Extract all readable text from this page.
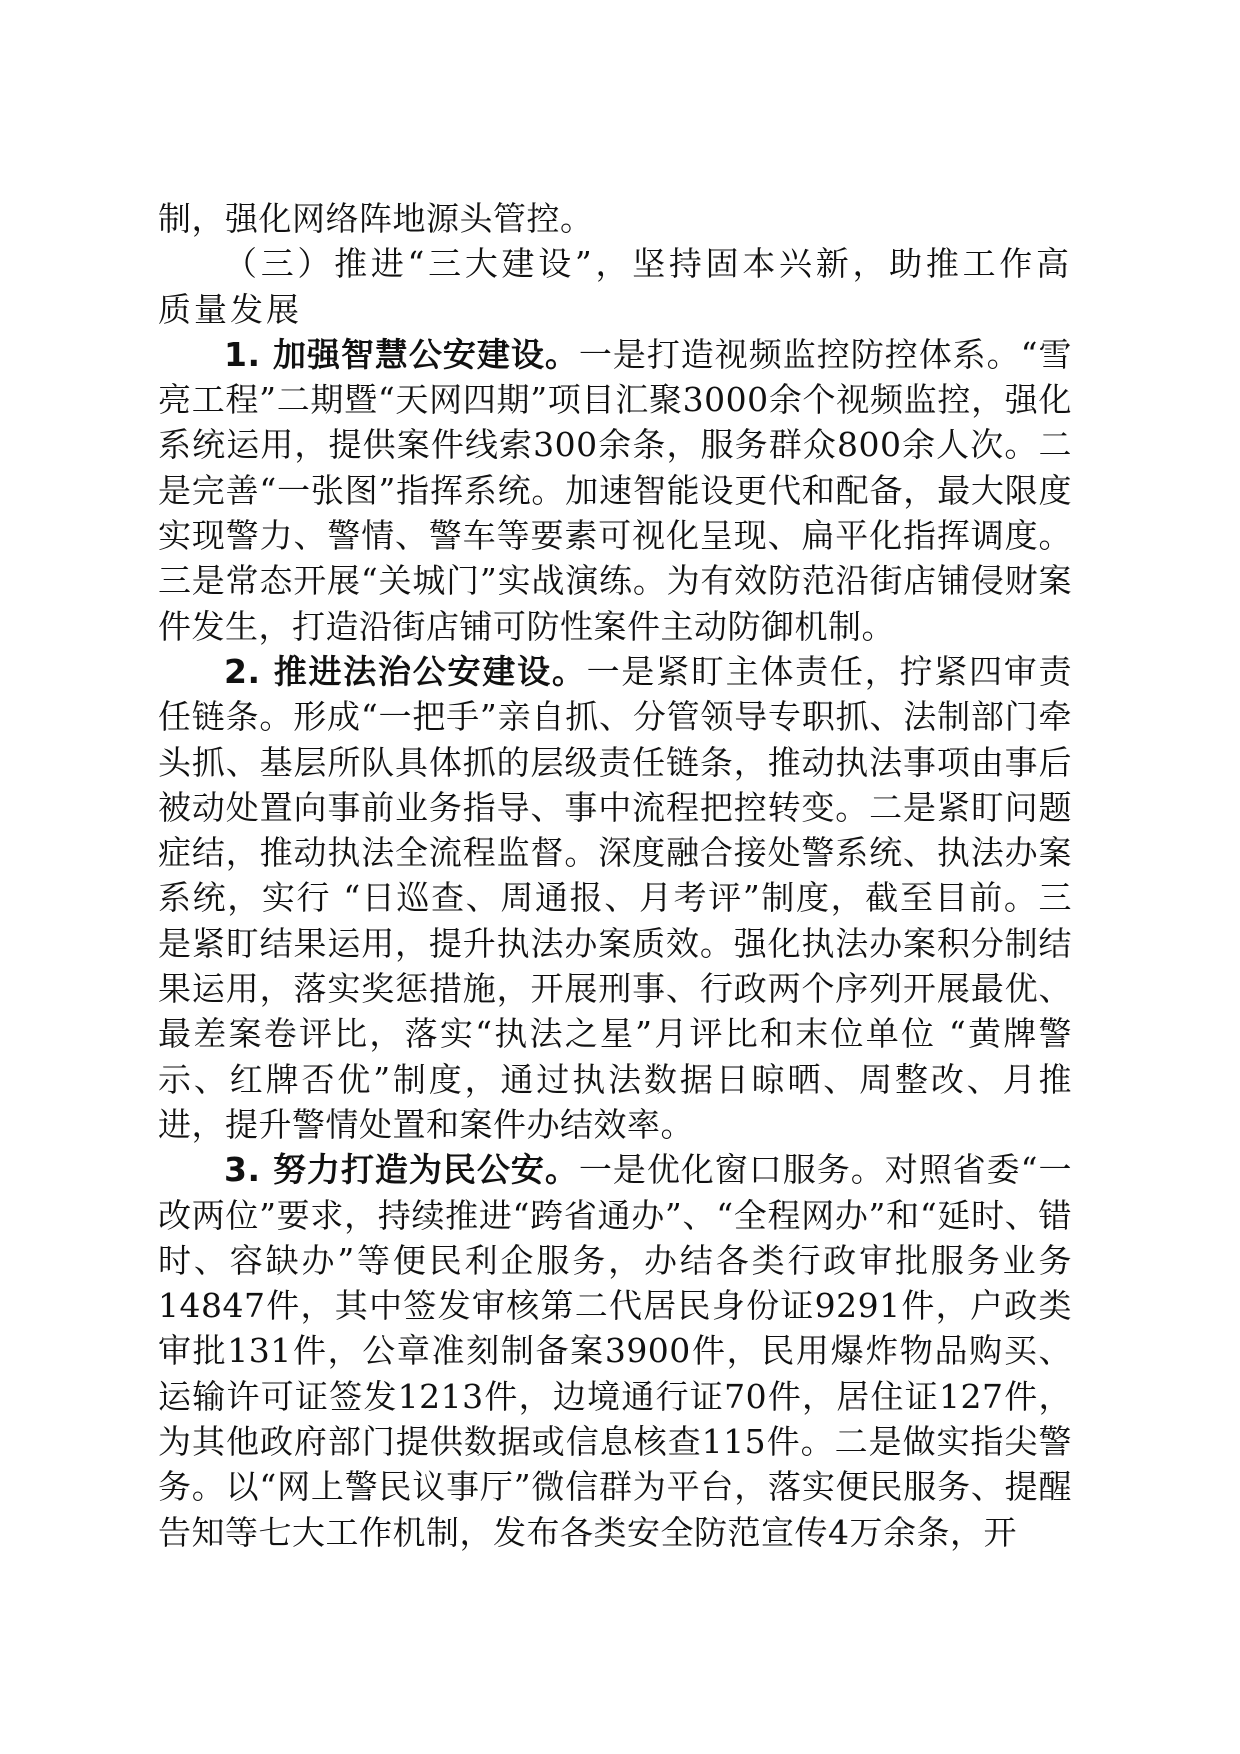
制，强化网络阵地源头管控。

（三）推进“三大建设”，坚持固本兴新，助推工作高质量发展

1. 加强智慧公安建设。一是打造视频监控防控体系。“雪亮工程”二期暨“天网四期”项目汇聚3000余个视频监控，强化系统运用，提供案件线索300余条，服务群众800余人次。二是完善“一张图”指挥系统。加速智能设更代和配备，最大限度实现警力、警情、警车等要素可视化呈现、扁平化指挥调度。三是常态开展“关城门”实战演练。为有效防范沿街店铺侵财案件发生，打造沿街店铺可防性案件主动防御机制。

2. 推进法治公安建设。一是紧盯主体责任，拧紧四审责任链条。形成“一把手”亲自抓、分管领导专职抓、法制部门牵头抓、基层所队具体抓的层级责任链条，推动执法事项由事后被动处置向事前业务指导、事中流程把控转变。二是紧盯问题症结，推动执法全流程监督。深度融合接处警系统、执法办案系统，实行 “日巡查、周通报、月考评”制度，截至目前。三是紧盯结果运用，提升执法办案质效。强化执法办案积分制结果运用，落实奖惩措施，开展刑事、行政两个序列开展最优、最差案卷评比，落实“执法之星”月评比和末位单位 “黄牌警示、红牌否优”制度，通过执法数据日晾晒、周整改、月推进，提升警情处置和案件办结效率。

3. 努力打造为民公安。一是优化窗口服务。对照省委“一改两位”要求，持续推进“跨省通办”、“全程网办”和“延时、错时、容缺办”等便民利企服务，办结各类行政审批服务业务14847件，其中签发审核第二代居民身份证9291件，户政类审批131件，公章准刻制备案3900件，民用爆炸物品购买、运输许可证签发1213件，边境通行证70件，居住证127件，为其他政府部门提供数据或信息核查115件。二是做实指尖警务。以“网上警民议事厅”微信群为平台，落实便民服务、提醒告知等七大工作机制，发布各类安全防范宣传4万余条，开
